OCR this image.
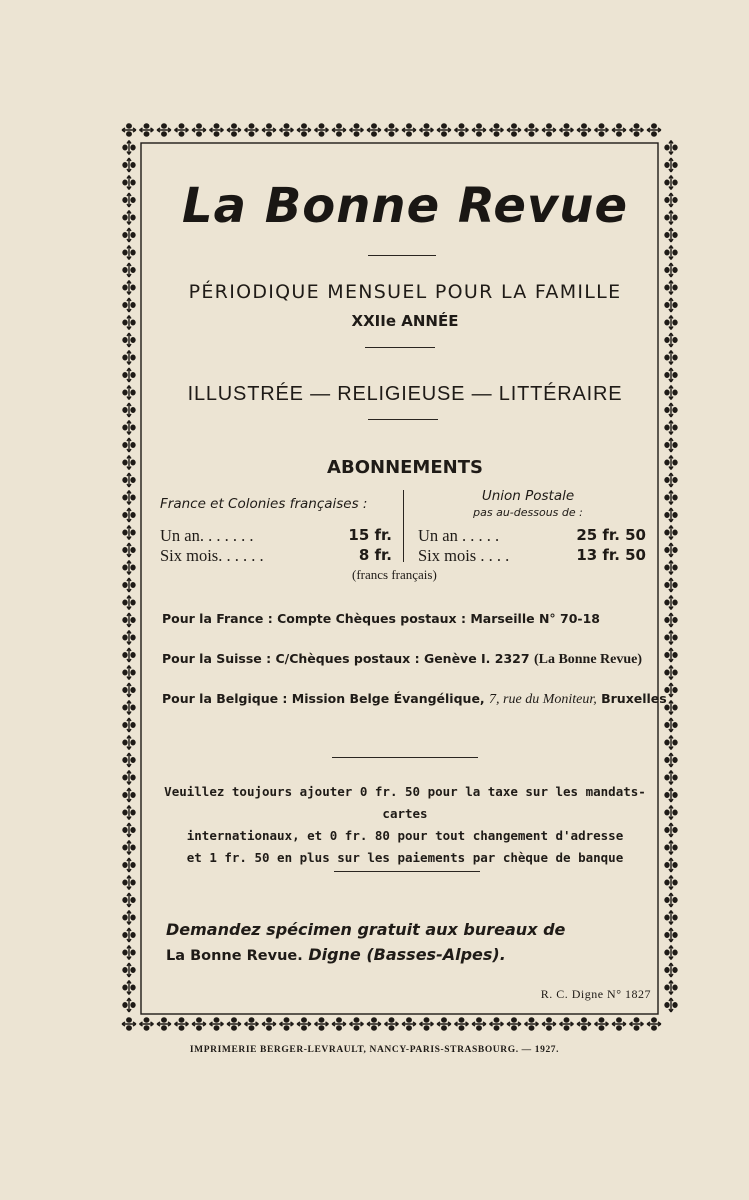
La Bonne Revue
PÉRIODIQUE MENSUEL POUR LA FAMILLE
XXIIe ANNÉE
ILLUSTRÉE — RELIGIEUSE — LITTÉRAIRE
ABONNEMENTS
France et Colonies françaises :
Un an. . . . . . .	15 fr.
Six mois. . . . . .	8 fr.
Union Postale
pas au-dessous de :
Un an . . . . .	25 fr. 50
Six mois . . . .	13 fr. 50
(francs français)
Pour la France : Compte Chèques postaux : Marseille N° 70-18
Pour la Suisse : C/Chèques postaux : Genève I. 2327 (La Bonne Revue)
Pour la Belgique : Mission Belge Évangélique, 7, rue du Moniteur, Bruxelles
Veuillez toujours ajouter 0 fr. 50 pour la taxe sur les mandats-cartes
internationaux, et 0 fr. 80 pour tout changement d'adresse
et 1 fr. 50 en plus sur les paiements par chèque de banque
Demandez spécimen gratuit aux bureaux de
La Bonne Revue. Digne (Basses-Alpes).
R. C. Digne N° 1827
IMPRIMERIE BERGER-LEVRAULT, NANCY-PARIS-STRASBOURG. — 1927.
